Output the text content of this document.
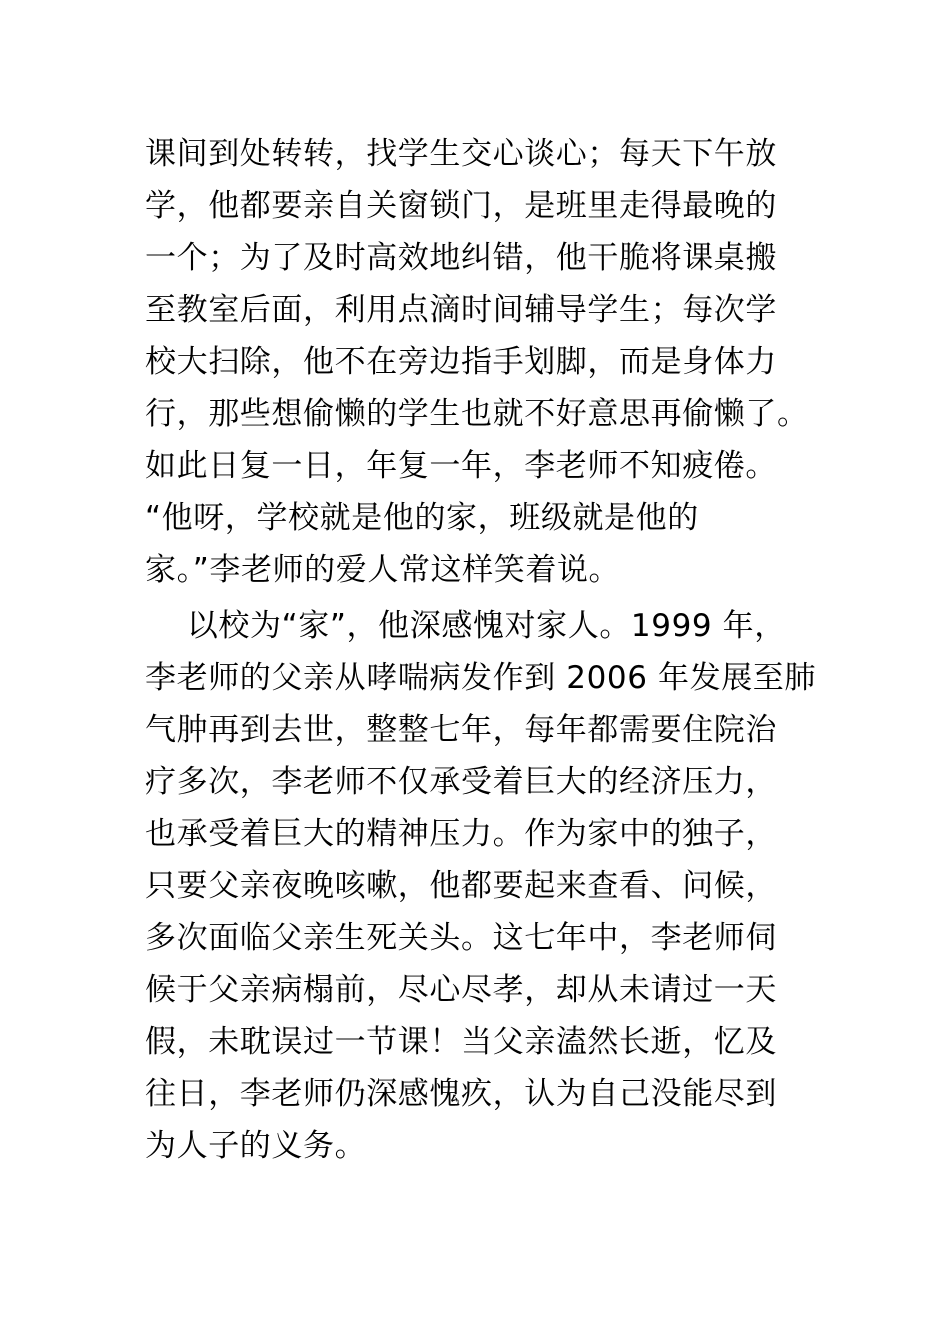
课间到处转转，找学生交心谈心；每天下午放
学，他都要亲自关窗锁门，是班里走得最晚的
一个；为了及时高效地纠错，他干脆将课桌搬
至教室后面，利用点滴时间辅导学生；每次学
校大扫除，他不在旁边指手划脚，而是身体力
行，那些想偷懒的学生也就不好意思再偷懒了。
如此日复一日，年复一年，李老师不知疲倦。
“他呀，学校就是他的家，班级就是他的
家。”李老师的爱人常这样笑着说。
以校为“家”，他深感愧对家人。1999 年，
李老师的父亲从哮喘病发作到 2006 年发展至肺
气肿再到去世，整整七年，每年都需要住院治
疗多次，李老师不仅承受着巨大的经济压力，
也承受着巨大的精神压力。作为家中的独子，
只要父亲夜晚咳嗽，他都要起来查看、问候，
多次面临父亲生死关头。这七年中，李老师伺
候于父亲病榻前，尽心尽孝，却从未请过一天
假，未耽误过一节课！当父亲溘然长逝，忆及
往日，李老师仍深感愧疚，认为自己没能尽到
为人子的义务。
